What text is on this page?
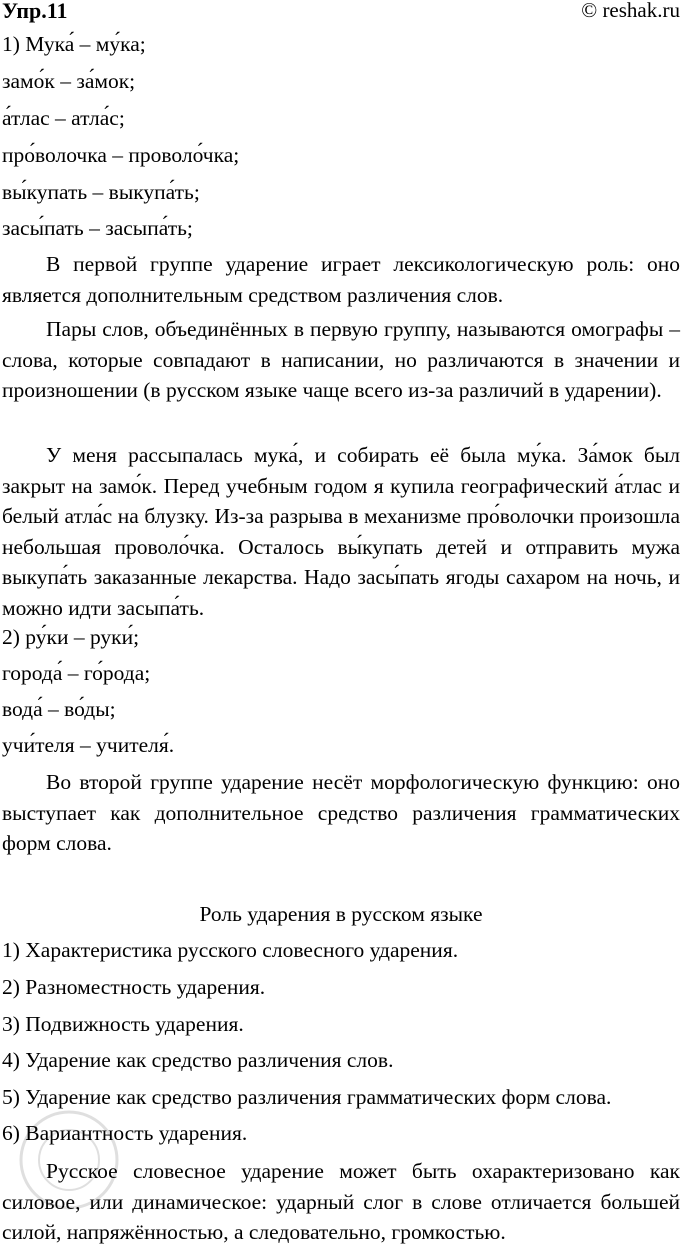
Упр.11	© reshak.ru
1) Мука́ – му́ка;
замо́к – за́мок;
а́тлас – атла́с;
про́волочка – проволо́чка;
вы́купать – выкупа́ть;
засы́пать – засыпа́ть;
В первой группе ударение играет лексикологическую роль: оно является дополнительным средством различения слов.
Пары слов, объединённых в первую группу, называются омографы – слова, которые совпадают в написании, но различаются в значении и произношении (в русском языке чаще всего из-за различий в ударении).
У меня рассыпалась мука́, и собирать её была му́ка. За́мок был закрыт на замо́к. Перед учебным годом я купила географический а́тлас и белый атла́с на блузку. Из-за разрыва в механизме про́волочки произошла небольшая проволо́чка. Осталось вы́купать детей и отправить мужа выкупа́ть заказанные лекарства. Надо засы́пать ягоды сахаром на ночь, и можно идти засыпа́ть.
2) ру́ки – руки́;
города́ – го́рода;
вода́ – во́ды;
учи́теля – учителя́.
Во второй группе ударение несёт морфологическую функцию: оно выступает как дополнительное средство различения грамматических форм слова.
Роль ударения в русском языке
1) Характеристика русского словесного ударения.
2) Разноместность ударения.
3) Подвижность ударения.
4) Ударение как средство различения слов.
5) Ударение как средство различения грамматических форм слова.
6) Вариантность ударения.
Русское словесное ударение может быть охарактеризовано как силовое, или динамическое: ударный слог в слове отличается большей силой, напряжённостью, а следовательно, громкостью.
